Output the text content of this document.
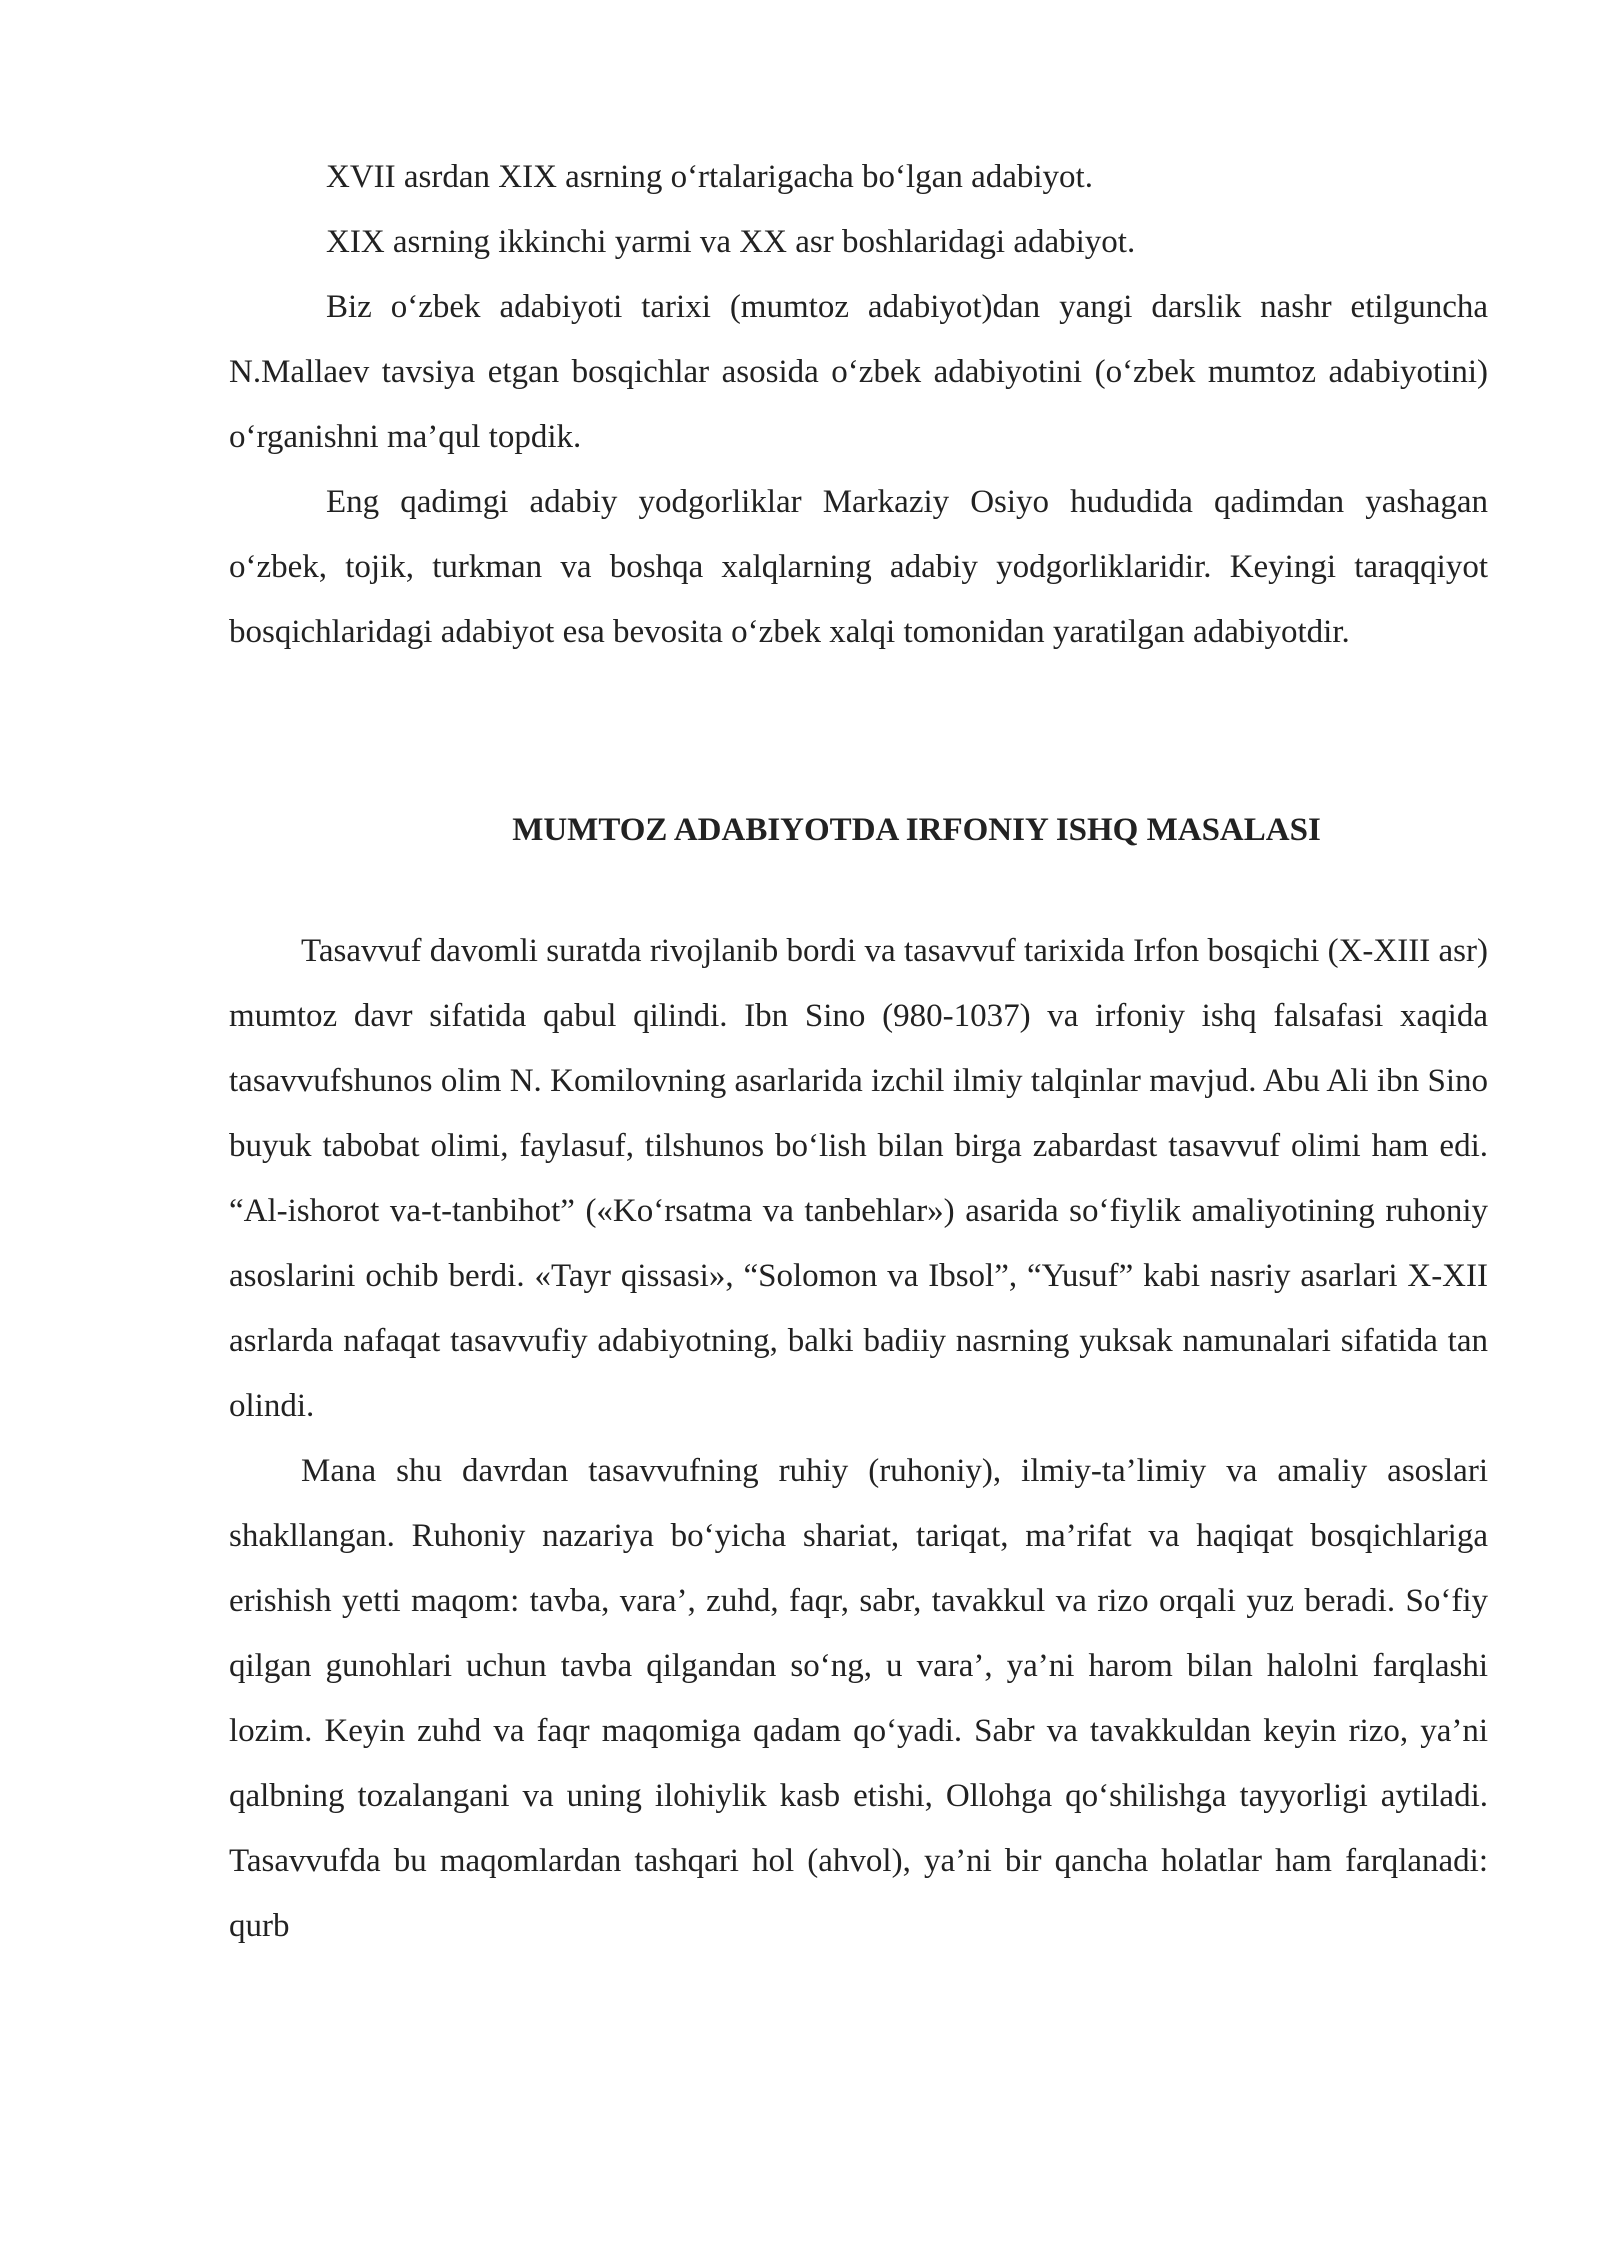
XVII asrdan XIX asrning o‘rtalarigacha bo‘lgan adabiyot.

XIX asrning ikkinchi yarmi va XX asr boshlaridagi adabiyot.

Biz o‘zbek adabiyoti tarixi (mumtoz adabiyot)dan yangi darslik nashr etilguncha N.Mallaev tavsiya etgan bosqichlar asosida o‘zbek adabiyotini (o‘zbek mumtoz adabiyotini) o‘rganishni ma’qul topdik.

Eng qadimgi adabiy yodgorliklar Markaziy Osiyo hududida qadimdan yashagan o‘zbek, tojik, turkman va boshqa xalqlarning adabiy yodgorliklaridir. Keyingi taraqqiyot bosqichlaridagi adabiyot esa bevosita o‘zbek xalqi tomonidan yaratilgan adabiyotdir.

MUMTOZ ADABIYOTDA IRFONIY ISHQ MASALASI

Tasavvuf davomli suratda rivojlanib bordi va tasavvuf tarixida Irfon bosqichi (X-XIII asr) mumtoz davr sifatida qabul qilindi. Ibn Sino (980-1037) va irfoniy ishq falsafasi xaqida tasavvufshunos olim N. Komilovning asarlarida izchil ilmiy talqinlar mavjud. Abu Ali ibn Sino buyuk tabobat olimi, faylasuf, tilshunos bo‘lish bilan birga zabardast tasavvuf olimi ham edi. “Al-ishorot va-t-tanbihot” («Ko‘rsatma va tanbehlar») asarida so‘fiylik amaliyotining ruhoniy asoslarini ochib berdi. «Tayr qissasi», “Solomon va Ibsol”, “Yusuf” kabi nasriy asarlari X-XII asrlarda nafaqat tasavvufiy adabiyotning, balki badiiy nasrning yuksak namunalari sifatida tan olindi.

Mana shu davrdan tasavvufning ruhiy (ruhoniy), ilmiy-ta’limiy va amaliy asoslari shakllangan. Ruhoniy nazariya bo‘yicha shariat, tariqat, ma’rifat va haqiqat bosqichlariga erishish yetti maqom: tavba, vara’, zuhd, faqr, sabr, tavakkul va rizo orqali yuz beradi. So‘fiy qilgan gunohlari uchun tavba qilgandan so‘ng, u vara’, ya’ni harom bilan halolni farqlashi lozim. Keyin zuhd va faqr maqomiga qadam qo‘yadi. Sabr va tavakkuldan keyin rizo, ya’ni qalbning tozalangani va uning ilohiylik kasb etishi, Ollohga qo‘shilishga tayyorligi aytiladi. Tasavvufda bu maqomlardan tashqari hol (ahvol), ya’ni bir qancha holatlar ham farqlanadi: qurb
